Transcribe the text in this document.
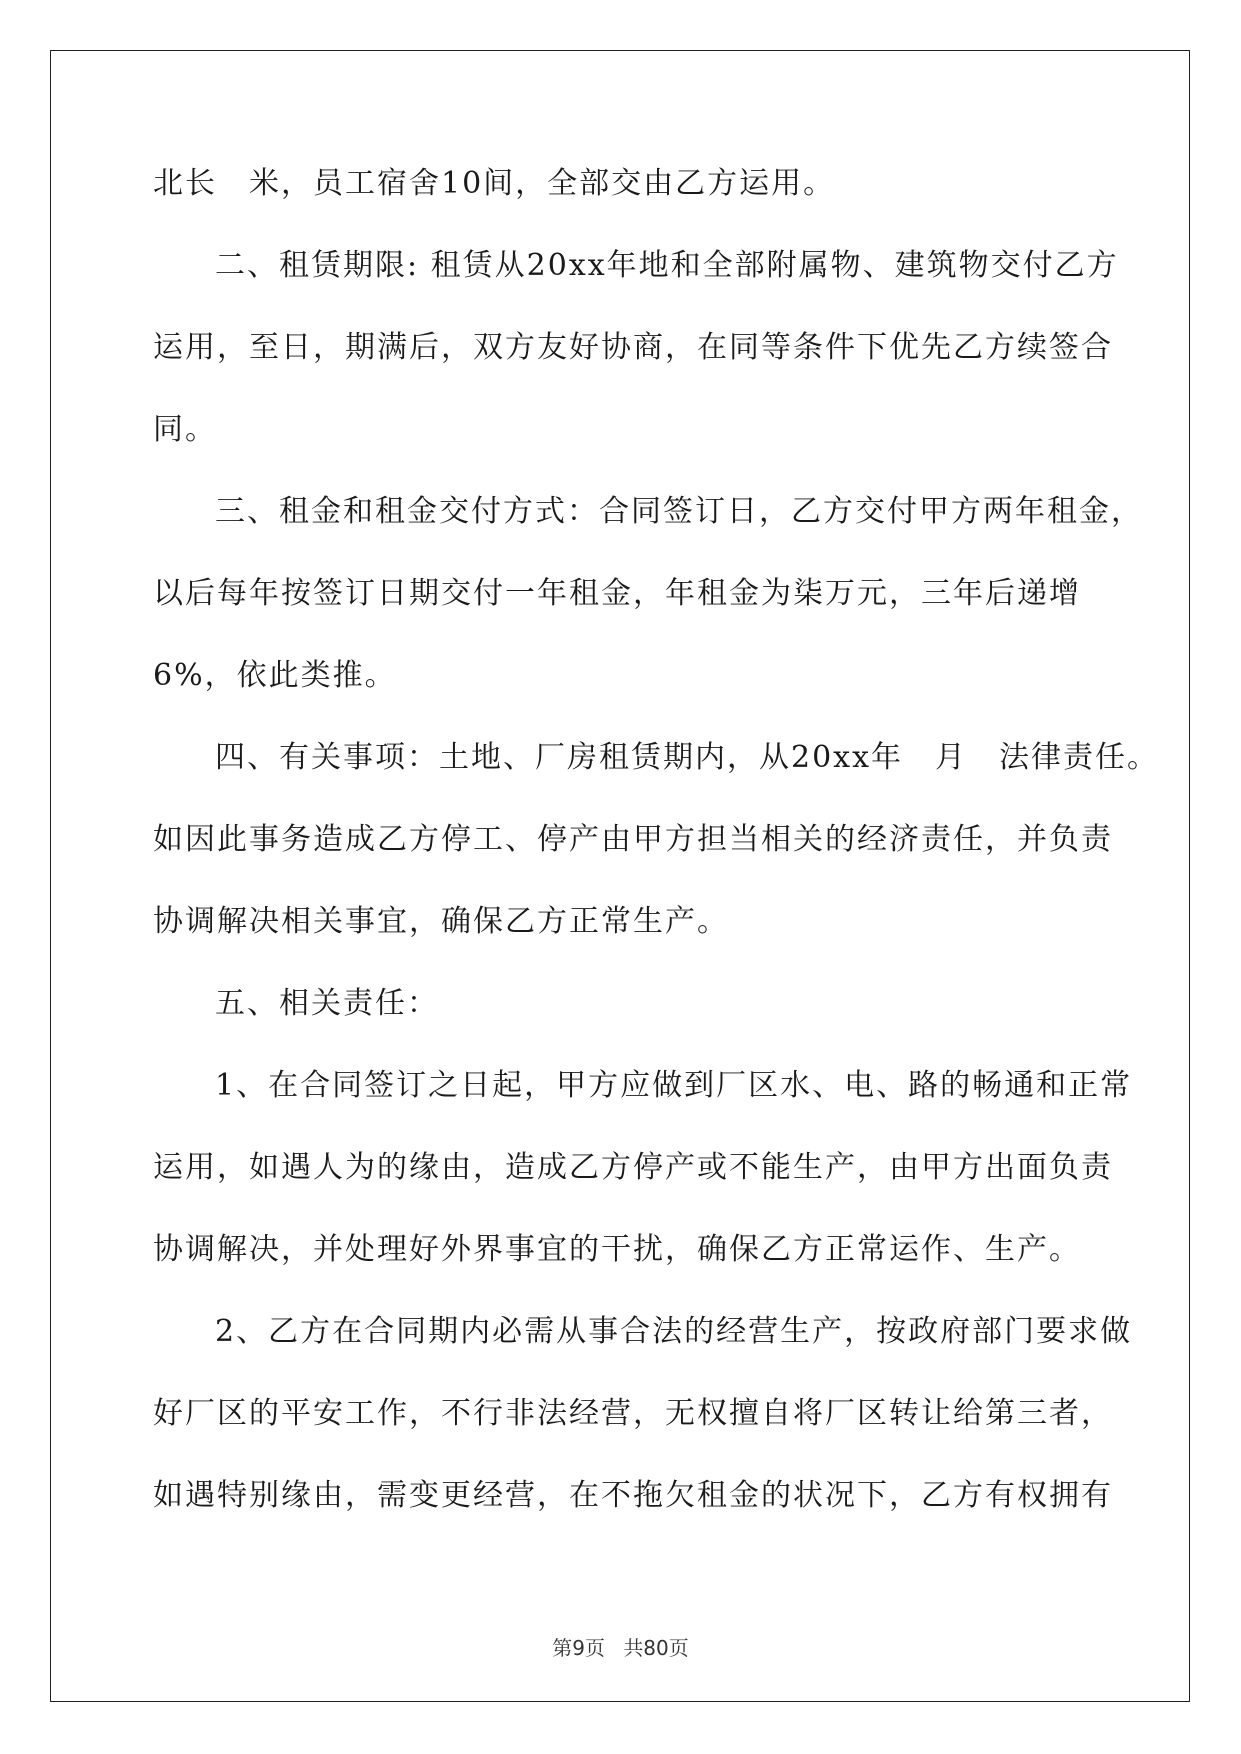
北长　米，员工宿舍10间，全部交由乙方运用。
二、租赁期限: 租赁从20xx年地和全部附属物、建筑物交付乙方
运用，至日，期满后，双方友好协商，在同等条件下优先乙方续签合
同。
三、租金和租金交付方式：合同签订日，乙方交付甲方两年租金，
以后每年按签订日期交付一年租金，年租金为柒万元，三年后递增
6%，依此类推。
四、有关事项：土地、厂房租赁期内，从20xx年　月　法律责任。
如因此事务造成乙方停工、停产由甲方担当相关的经济责任，并负责
协调解决相关事宜，确保乙方正常生产。
五、相关责任：
1、在合同签订之日起，甲方应做到厂区水、电、路的畅通和正常
运用，如遇人为的缘由，造成乙方停产或不能生产，由甲方出面负责
协调解决，并处理好外界事宜的干扰，确保乙方正常运作、生产。
2、乙方在合同期内必需从事合法的经营生产，按政府部门要求做
好厂区的平安工作，不行非法经营，无权擅自将厂区转让给第三者，
如遇特别缘由，需变更经营，在不拖欠租金的状况下，乙方有权拥有
第9页 共80页
